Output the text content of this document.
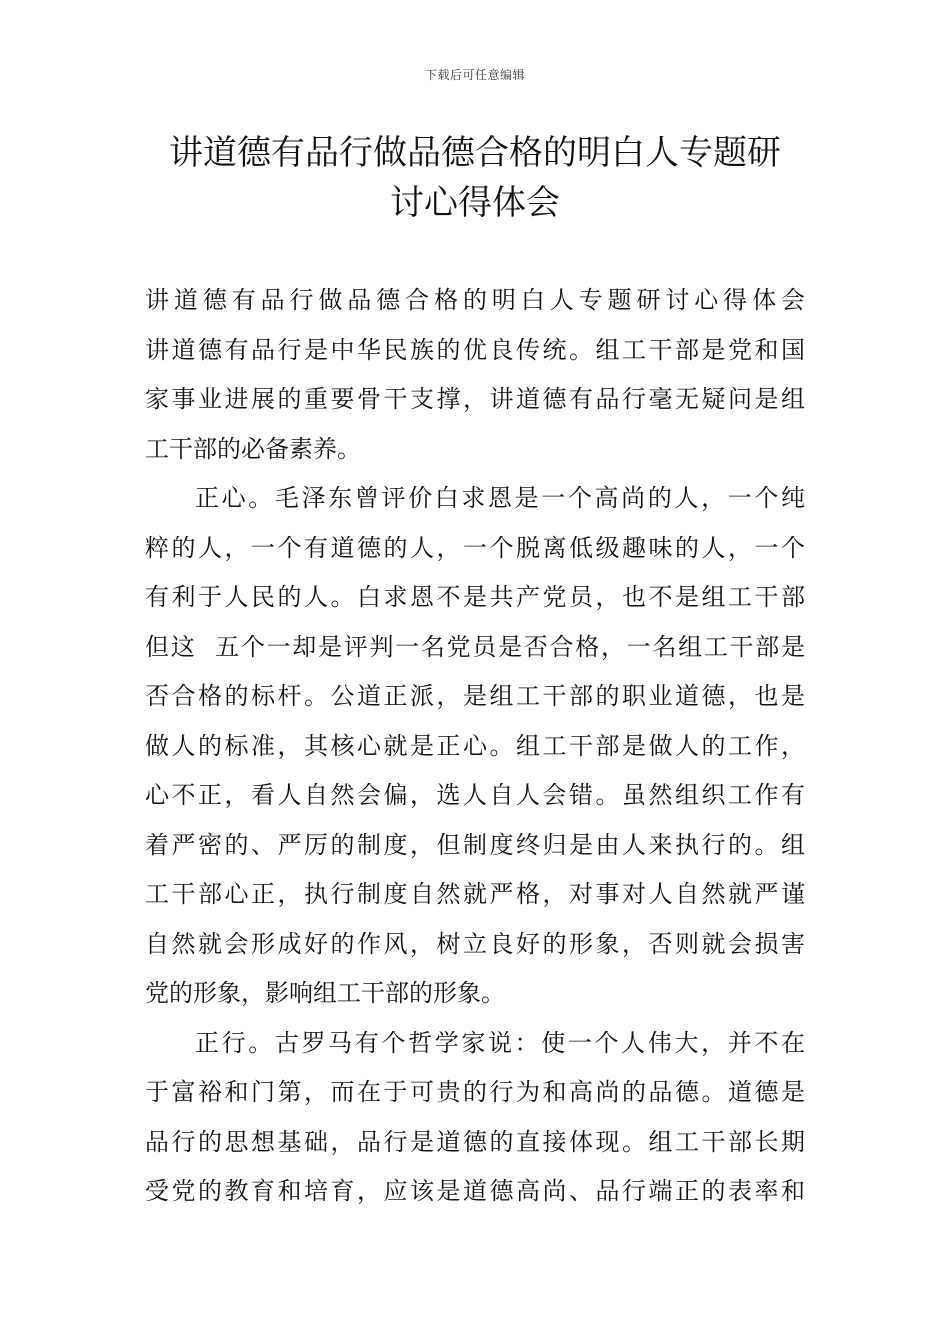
下载后可任意编辑
讲道德有品行做品德合格的明白人专题研
讨心得体会
讲道德有品行做品德合格的明白人专题研讨心得体会
讲道德有品行是中华民族的优良传统。组工干部是党和国
家事业进展的重要骨干支撑，讲道德有品行毫无疑问是组
工干部的必备素养。
正心。毛泽东曾评价白求恩是一个高尚的人，一个纯
粹的人，一个有道德的人，一个脱离低级趣味的人，一个
有利于人民的人。白求恩不是共产党员，也不是组工干部
但这  五个一却是评判一名党员是否合格，一名组工干部是
否合格的标杆。公道正派，是组工干部的职业道德，也是
做人的标准，其核心就是正心。组工干部是做人的工作，
心不正，看人自然会偏，选人自人会错。虽然组织工作有
着严密的、严厉的制度，但制度终归是由人来执行的。组
工干部心正，执行制度自然就严格，对事对人自然就严谨
自然就会形成好的作风，树立良好的形象，否则就会损害
党的形象，影响组工干部的形象。
正行。古罗马有个哲学家说：使一个人伟大，并不在
于富裕和门第，而在于可贵的行为和高尚的品德。道德是
品行的思想基础，品行是道德的直接体现。组工干部长期
受党的教育和培育，应该是道德高尚、品行端正的表率和
